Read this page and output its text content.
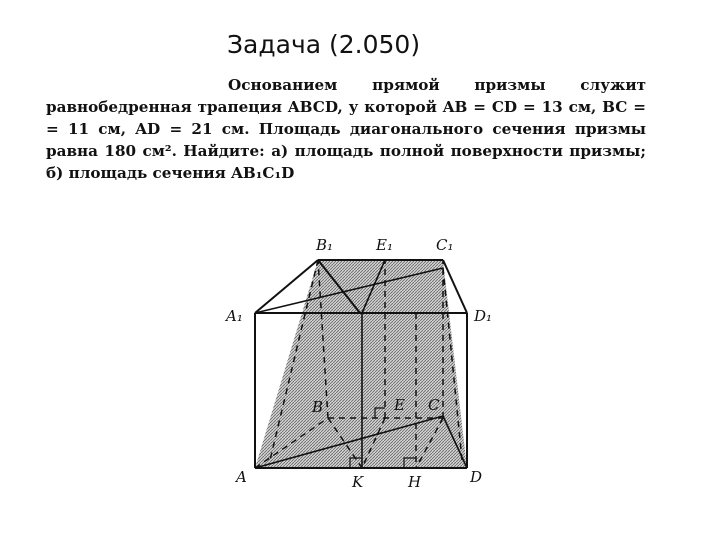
Задача (2.050)

Основанием прямой призмы служит равнобедренная трапеция ABCD, у которой AB = CD = 13 см, BC = = 11 см, AD = 21 см. Площадь диагонального сечения призмы равна 180 см². Найдите: а) площадь полной поверхности призмы; б) площадь сечения AB₁C₁D

B₁	E₁	C₁
A₁	D₁
B	E C
A	K	H	D
